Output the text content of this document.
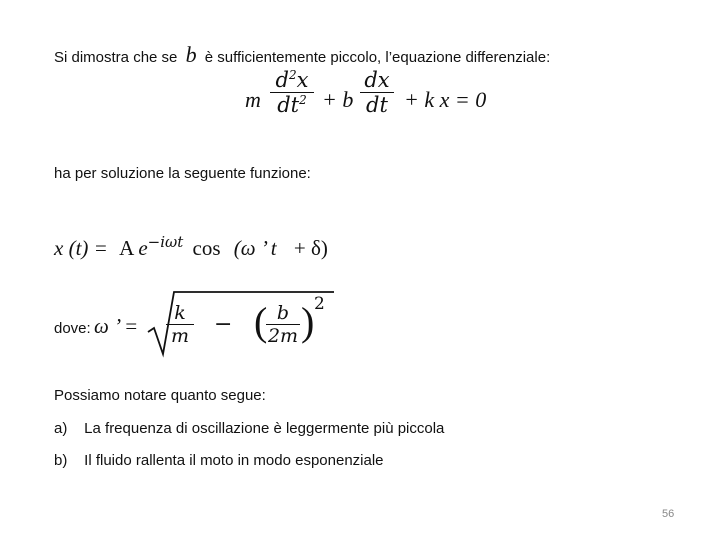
Si dimostra che se b è sufficientemente piccolo, l’equazione differenziale:
m
$d^2x$
$dt^2 + b$
dx
dt + k x = 0
ha per soluzione la seguente funzione:
x (t) = A $e^{-i\omega t}$ cos (ω ’ t + δ)
dove: ω ’ =
k
m − ( b
2m ) 2
Possiamo notare quanto segue:
a) La frequenza di oscillazione è leggermente più piccola
b) Il fluido rallenta il moto in modo esponenziale
56
